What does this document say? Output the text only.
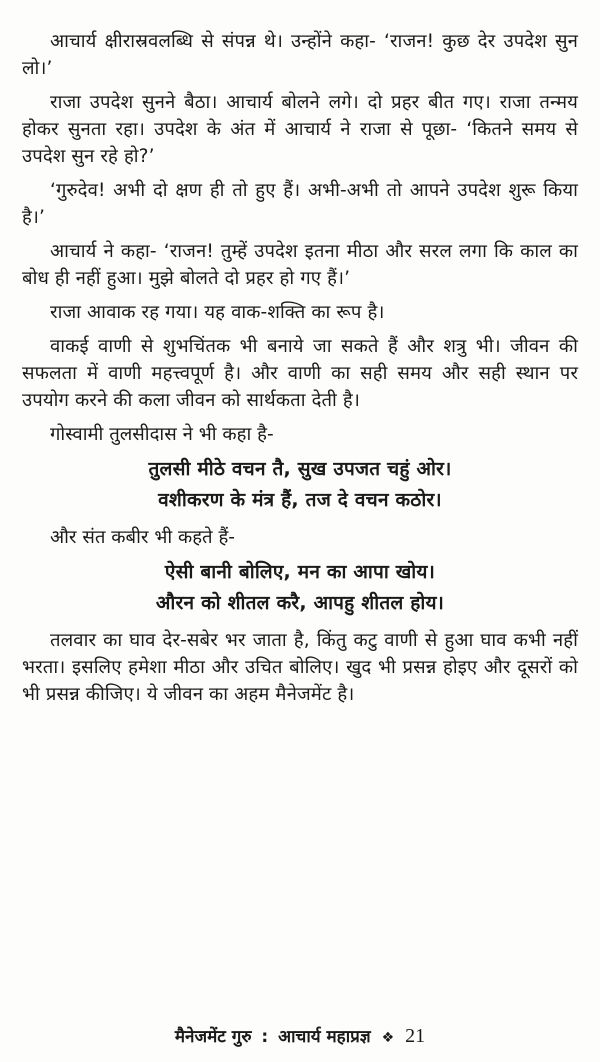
आचार्य क्षीरास्रवलब्धि से संपन्न थे। उन्होंने कहा- ‘राजन! कुछ देर उपदेश सुन लो।’

राजा उपदेश सुनने बैठा। आचार्य बोलने लगे। दो प्रहर बीत गए। राजा तन्मय होकर सुनता रहा। उपदेश के अंत में आचार्य ने राजा से पूछा- ‘कितने समय से उपदेश सुन रहे हो?’

‘गुरुदेव! अभी दो क्षण ही तो हुए हैं। अभी-अभी तो आपने उपदेश शुरू किया है।’

आचार्य ने कहा- ‘राजन! तुम्हें उपदेश इतना मीठा और सरल लगा कि काल का बोध ही नहीं हुआ। मुझे बोलते दो प्रहर हो गए हैं।’

राजा आवाक रह गया। यह वाक-शक्ति का रूप है।

वाकई वाणी से शुभचिंतक भी बनाये जा सकते हैं और शत्रु भी। जीवन की सफलता में वाणी महत्त्वपूर्ण है। और वाणी का सही समय और सही स्थान पर उपयोग करने की कला जीवन को सार्थकता देती है।

गोस्वामी तुलसीदास ने भी कहा है-

तुलसी मीठे वचन तै, सुख उपजत चहुं ओर।

वशीकरण के मंत्र हैं, तज दे वचन कठोर।

और संत कबीर भी कहते हैं-

ऐसी बानी बोलिए, मन का आपा खोय।

औरन को शीतल करै, आपहु शीतल होय।

तलवार का घाव देर-सबेर भर जाता है, किंतु कटु वाणी से हुआ घाव कभी नहीं भरता। इसलिए हमेशा मीठा और उचित बोलिए। खुद भी प्रसन्न होइए और दूसरों को भी प्रसन्न कीजिए। ये जीवन का अहम मैनेजमेंट है।

मैनेजमेंट गुरु : आचार्य महाप्रज्ञ ❖ 21
